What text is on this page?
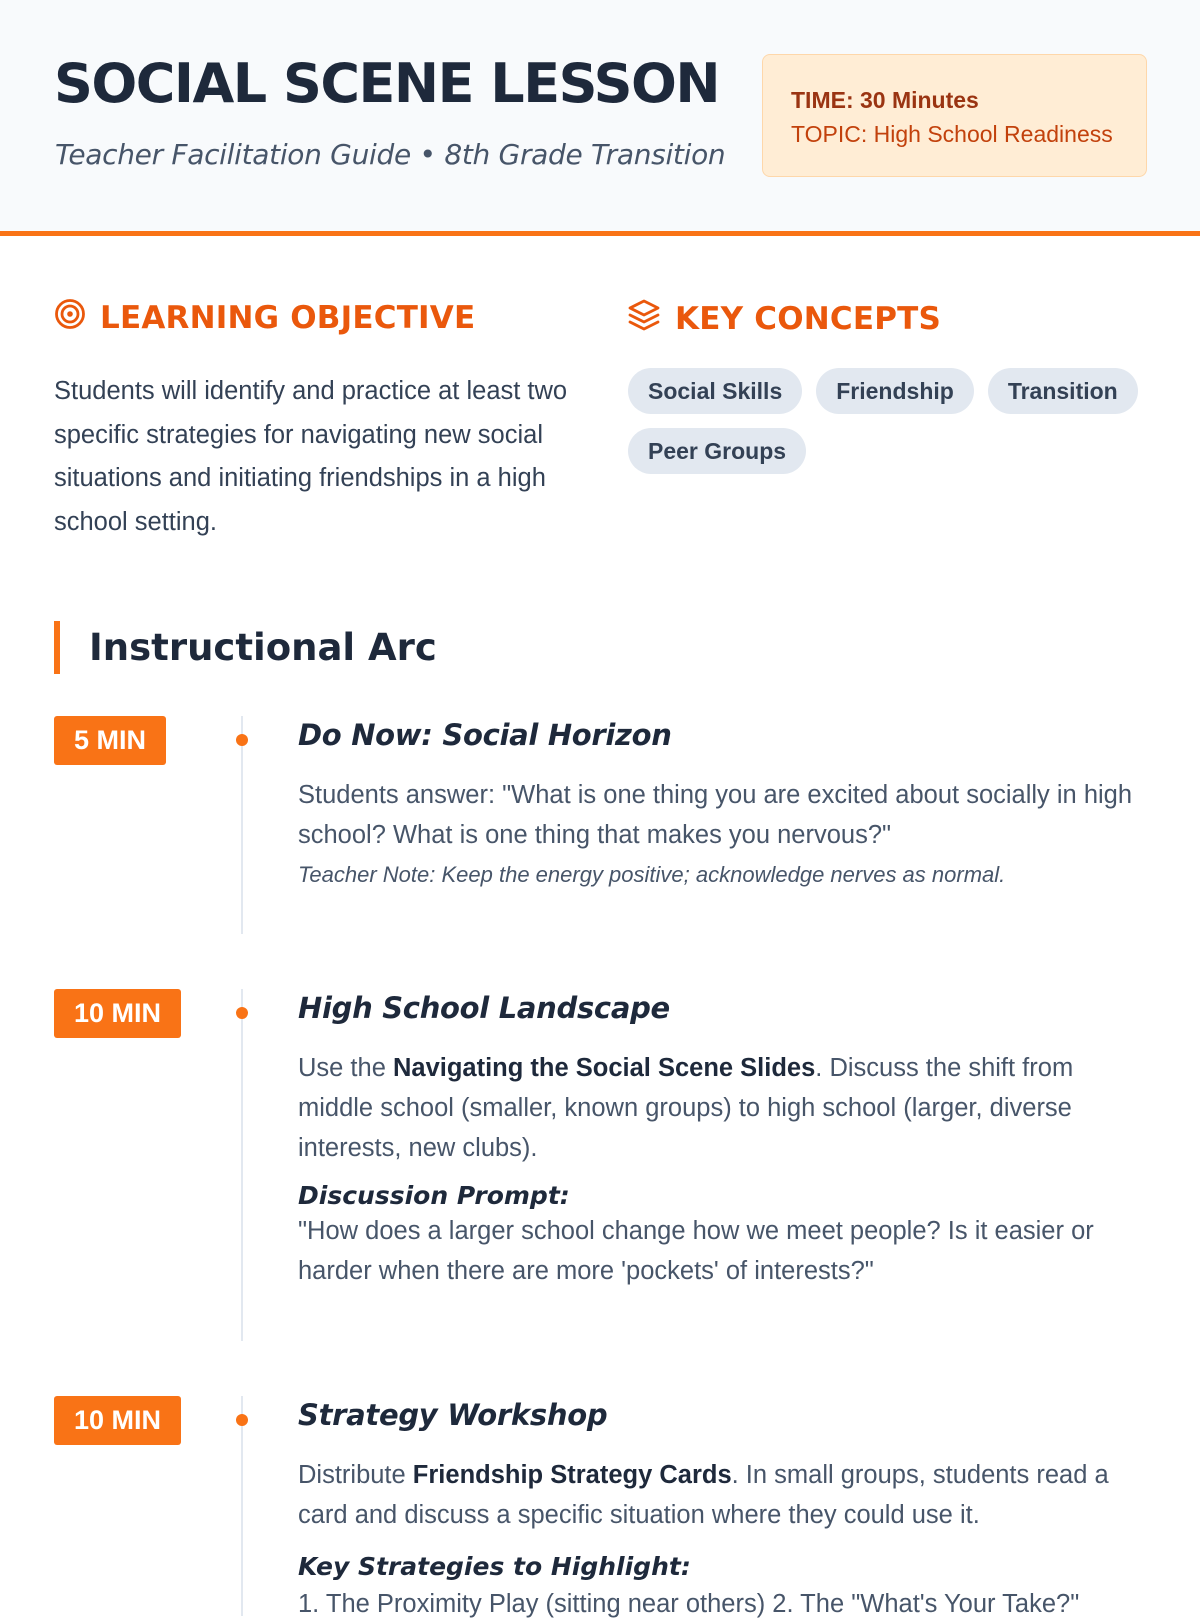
SOCIAL SCENE LESSON
Teacher Facilitation Guide • 8th Grade Transition
TIME: 30 Minutes
TOPIC: High School Readiness
LEARNING OBJECTIVE
Students will identify and practice at least two specific strategies for navigating new social situations and initiating friendships in a high school setting.
KEY CONCEPTS
Social Skills	Friendship	Transition
Peer Groups
Instructional Arc
5 MIN	Do Now: Social Horizon
Students answer: "What is one thing you are excited about socially in high school? What is one thing that makes you nervous?"
Teacher Note: Keep the energy positive; acknowledge nerves as normal.
10 MIN	High School Landscape
Use the Navigating the Social Scene Slides. Discuss the shift from middle school (smaller, known groups) to high school (larger, diverse interests, new clubs).
Discussion Prompt:
"How does a larger school change how we meet people? Is it easier or harder when there are more 'pockets' of interests?"
10 MIN	Strategy Workshop
Distribute Friendship Strategy Cards. In small groups, students read a card and discuss a specific situation where they could use it.
Key Strategies to Highlight:
1. The Proximity Play (sitting near others) 2. The "What's Your Take?"
